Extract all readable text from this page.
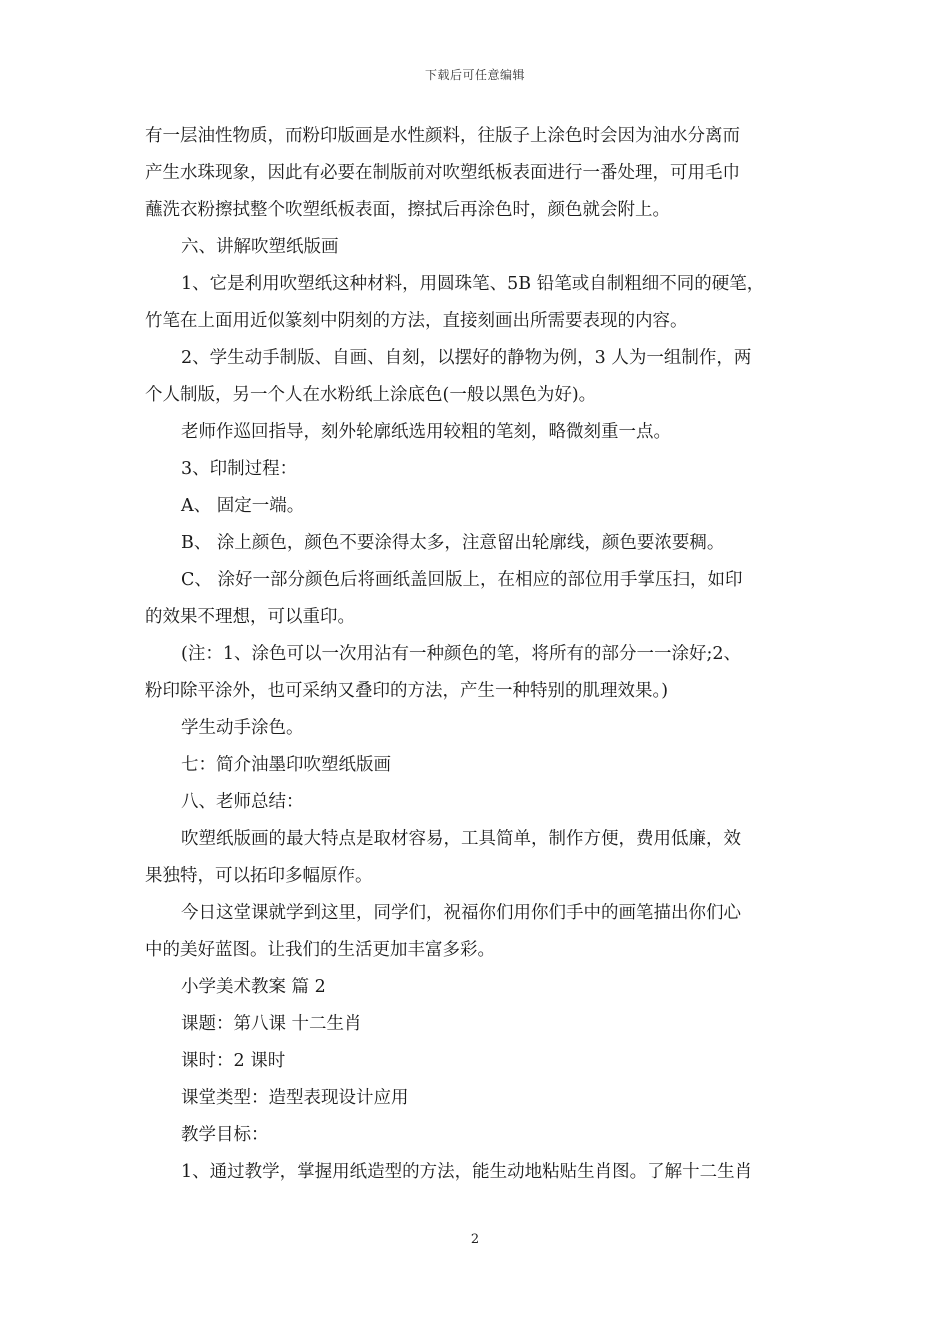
下载后可任意编辑
有一层油性物质，而粉印版画是水性颜料，往版子上涂色时会因为油水分离而
产生水珠现象，因此有必要在制版前对吹塑纸板表面进行一番处理，可用毛巾
蘸洗衣粉擦拭整个吹塑纸板表面，擦拭后再涂色时，颜色就会附上。
六、讲解吹塑纸版画
1、它是利用吹塑纸这种材料，用圆珠笔、5B 铅笔或自制粗细不同的硬笔，
竹笔在上面用近似篆刻中阴刻的方法，直接刻画出所需要表现的内容。
2、学生动手制版、自画、自刻，以摆好的静物为例，3 人为一组制作，两
个人制版，另一个人在水粉纸上涂底色(一般以黑色为好)。
老师作巡回指导，刻外轮廓纸选用较粗的笔刻，略微刻重一点。
3、印制过程：
A、 固定一端。
B、 涂上颜色，颜色不要涂得太多，注意留出轮廓线，颜色要浓要稠。
C、 涂好一部分颜色后将画纸盖回版上，在相应的部位用手掌压扫，如印
的效果不理想，可以重印。
(注：1、涂色可以一次用沾有一种颜色的笔，将所有的部分一一涂好;2、
粉印除平涂外，也可采纳又叠印的方法，产生一种特别的肌理效果。)
学生动手涂色。
七：简介油墨印吹塑纸版画
八、老师总结：
吹塑纸版画的最大特点是取材容易，工具简单，制作方便，费用低廉，效
果独特，可以拓印多幅原作。
今日这堂课就学到这里，同学们，祝福你们用你们手中的画笔描出你们心
中的美好蓝图。让我们的生活更加丰富多彩。
小学美术教案 篇 2
课题：第八课 十二生肖
课时：2 课时
课堂类型：造型表现设计应用
教学目标：
1、通过教学，掌握用纸造型的方法，能生动地粘贴生肖图。了解十二生肖
2
